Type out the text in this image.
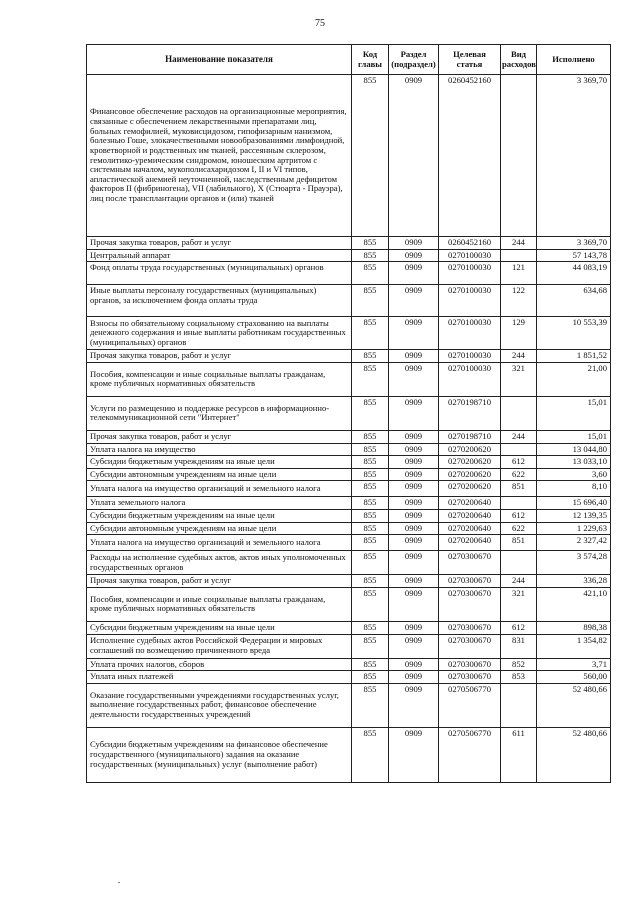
75
Наименование показателя	Код главы	Раздел (подраздел)	Целевая статья	Вид расходов	Исполнено
Финансовое обеспечение расходов на организационные мероприятия, связанные с обеспечением лекарственными препаратами лиц, больных гемофилией, муковисцидозом, гипофизарным нанизмом, болезнью Гоше, злокачественными новообразованиями лимфоидной, кроветворной и родственных им тканей, рассеянным склерозом, гемолитико-уремическим синдромом, юношеским артритом с системным началом, мукополисахаридозом I, II и VI типов, апластической анемией неуточненной, наследственным дефицитом факторов II (фибриногена), VII (лабильного), X (Стюарта - Прауэра), лиц после трансплантации органов и (или) тканей	855	0909	0260452160		3 369,70
Прочая закупка товаров, работ и услуг	855	0909	0260452160	244	3 369,70
Центральный аппарат	855	0909	0270100030		57 143,78
Фонд оплаты труда государственных (муниципальных) органов	855	0909	0270100030	121	44 083,19
Иные выплаты персоналу государственных (муниципальных) органов, за исключением фонда оплаты труда	855	0909	0270100030	122	634,68
Взносы по обязательному социальному страхованию на выплаты денежного содержания и иные выплаты работникам государственных (муниципальных) органов	855	0909	0270100030	129	10 553,39
Прочая закупка товаров, работ и услуг	855	0909	0270100030	244	1 851,52
Пособия, компенсации и иные социальные выплаты гражданам, кроме публичных нормативных обязательств	855	0909	0270100030	321	21,00
Услуги по размещению и поддержке ресурсов в информационно-телекоммуникационной сети "Интернет"	855	0909	0270198710		15,01
Прочая закупка товаров, работ и услуг	855	0909	0270198710	244	15,01
Уплата налога на имущество	855	0909	0270200620		13 044,80
Субсидии бюджетным учреждениям на иные цели	855	0909	0270200620	612	13 033,10
Субсидии автономным учреждениям на иные цели	855	0909	0270200620	622	3,60
Уплата налога на имущество организаций и земельного налога	855	0909	0270200620	851	8,10
Уплата земельного налога	855	0909	0270200640		15 696,40
Субсидии бюджетным учреждениям на иные цели	855	0909	0270200640	612	12 139,35
Субсидии автономным учреждениям на иные цели	855	0909	0270200640	622	1 229,63
Уплата налога на имущество организаций и земельного налога	855	0909	0270200640	851	2 327,42
Расходы на исполнение судебных актов, актов иных уполномоченных государственных органов	855	0909	0270300670		3 574,28
Прочая закупка товаров, работ и услуг	855	0909	0270300670	244	336,28
Пособия, компенсации и иные социальные выплаты гражданам, кроме публичных нормативных обязательств	855	0909	0270300670	321	421,10
Субсидии бюджетным учреждениям на иные цели	855	0909	0270300670	612	898,38
Исполнение судебных актов Российской Федерации и мировых соглашений по возмещению причиненного вреда	855	0909	0270300670	831	1 354,82
Уплата прочих налогов, сборов	855	0909	0270300670	852	3,71
Уплата иных платежей	855	0909	0270300670	853	560,00
Оказание государственными учреждениями государственных услуг, выполнение государственных работ, финансовое обеспечение деятельности государственных учреждений	855	0909	0270506770		52 480,66
Субсидии бюджетным учреждениям на финансовое обеспечение государственного (муниципального) задания на оказание государственных (муниципальных) услуг (выполнение работ)	855	0909	0270506770	611	52 480,66
